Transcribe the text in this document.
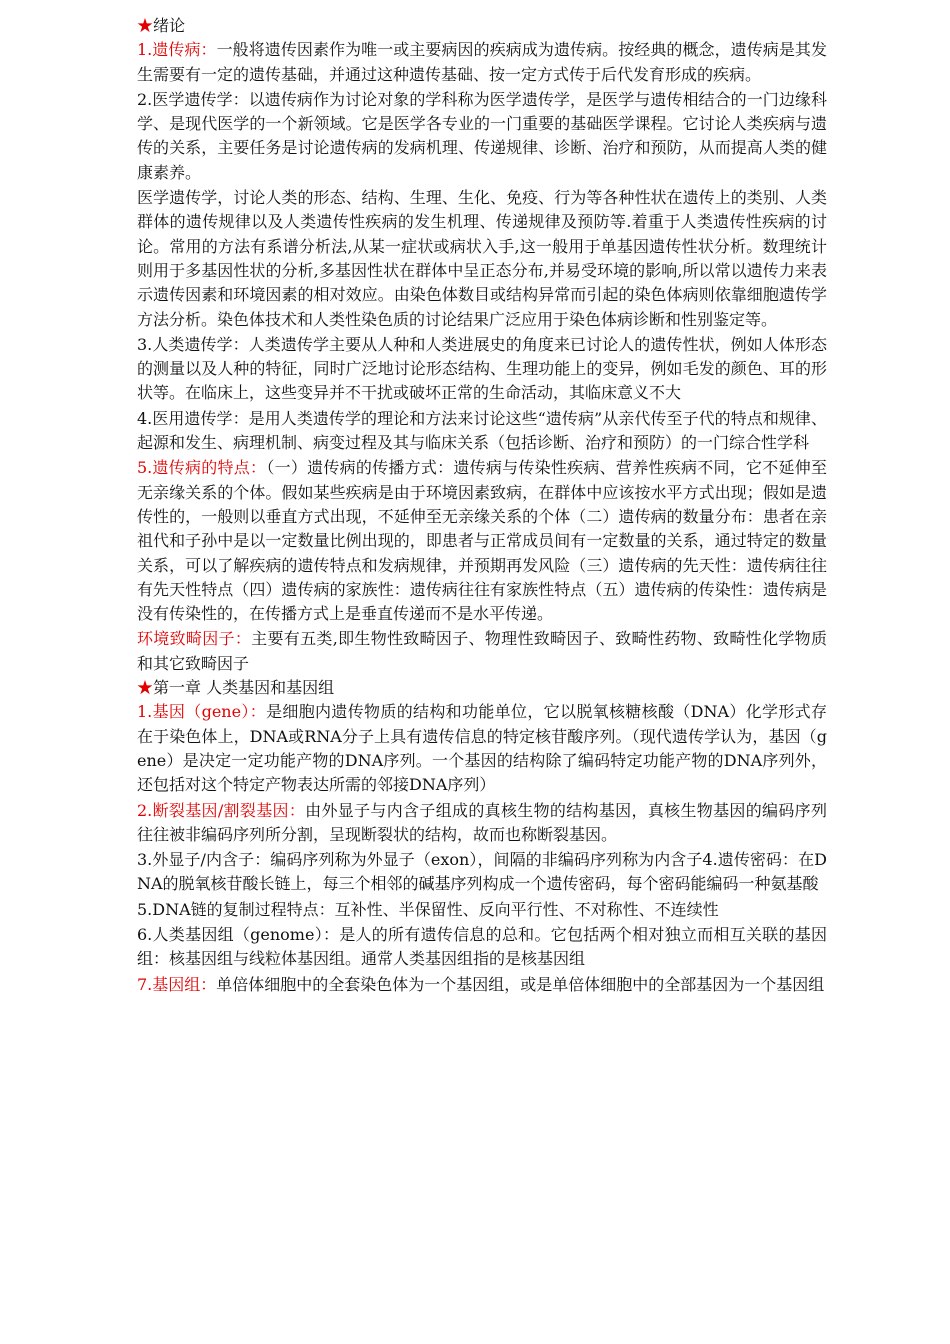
★绪论

1.遗传病：一般将遗传因素作为唯一或主要病因的疾病成为遗传病。按经典的概念，遗传病是其发生需要有一定的遗传基础，并通过这种遗传基础、按一定方式传于后代发育形成的疾病。

2.医学遗传学：以遗传病作为讨论对象的学科称为医学遗传学，是医学与遗传相结合的一门边缘科学、是现代医学的一个新领域。它是医学各专业的一门重要的基础医学课程。它讨论人类疾病与遗传的关系，主要任务是讨论遗传病的发病机理、传递规律、诊断、治疗和预防，从而提高人类的健康素养。

医学遗传学，讨论人类的形态、结构、生理、生化、免疫、行为等各种性状在遗传上的类别、人类群体的遗传规律以及人类遗传性疾病的发生机理、传递规律及预防等.着重于人类遗传性疾病的讨论。常用的方法有系谱分析法,从某一症状或病状入手,这一般用于单基因遗传性状分析。数理统计则用于多基因性状的分析,多基因性状在群体中呈正态分布,并易受环境的影响,所以常以遗传力来表示遗传因素和环境因素的相对效应。由染色体数目或结构异常而引起的染色体病则依靠细胞遗传学方法分析。染色体技术和人类性染色质的讨论结果广泛应用于染色体病诊断和性别鉴定等。

3.人类遗传学：人类遗传学主要从人种和人类进展史的角度来已讨论人的遗传性状，例如人体形态的测量以及人种的特征，同时广泛地讨论形态结构、生理功能上的变异，例如毛发的颜色、耳的形状等。在临床上，这些变异并不干扰或破坏正常的生命活动，其临床意义不大

4.医用遗传学：是用人类遗传学的理论和方法来讨论这些“遗传病”从亲代传至子代的特点和规律、起源和发生、病理机制、病变过程及其与临床关系（包括诊断、治疗和预防）的一门综合性学科

5.遗传病的特点：（一）遗传病的传播方式：遗传病与传染性疾病、营养性疾病不同，它不延伸至无亲缘关系的个体。假如某些疾病是由于环境因素致病，在群体中应该按水平方式出现；假如是遗传性的，一般则以垂直方式出现，不延伸至无亲缘关系的个体（二）遗传病的数量分布：患者在亲祖代和子孙中是以一定数量比例出现的，即患者与正常成员间有一定数量的关系，通过特定的数量关系，可以了解疾病的遗传特点和发病规律，并预期再发风险（三）遗传病的先天性：遗传病往往有先天性特点（四）遗传病的家族性：遗传病往往有家族性特点（五）遗传病的传染性：遗传病是没有传染性的，在传播方式上是垂直传递而不是水平传递。

环境致畸因子：主要有五类,即生物性致畸因子、物理性致畸因子、致畸性药物、致畸性化学物质和其它致畸因子

★第一章 人类基因和基因组

1.基因（gene）：是细胞内遗传物质的结构和功能单位，它以脱氧核糖核酸（DNA）化学形式存在于染色体上，DNA或RNA分子上具有遗传信息的特定核苷酸序列。（现代遗传学认为，基因（gene）是决定一定功能产物的DNA序列。一个基因的结构除了编码特定功能产物的DNA序列外，还包括对这个特定产物表达所需的邻接DNA序列）

2.断裂基因/割裂基因：由外显子与内含子组成的真核生物的结构基因，真核生物基因的编码序列往往被非编码序列所分割，呈现断裂状的结构，故而也称断裂基因。

3.外显子/内含子：编码序列称为外显子（exon），间隔的非编码序列称为内含子4.遗传密码：在DNA的脱氧核苷酸长链上，每三个相邻的碱基序列构成一个遗传密码，每个密码能编码一种氨基酸

5.DNA链的复制过程特点：互补性、半保留性、反向平行性、不对称性、不连续性

6.人类基因组（genome）：是人的所有遗传信息的总和。它包括两个相对独立而相互关联的基因组：核基因组与线粒体基因组。通常人类基因组指的是核基因组

7.基因组：单倍体细胞中的全套染色体为一个基因组，或是单倍体细胞中的全部基因为一个基因组
